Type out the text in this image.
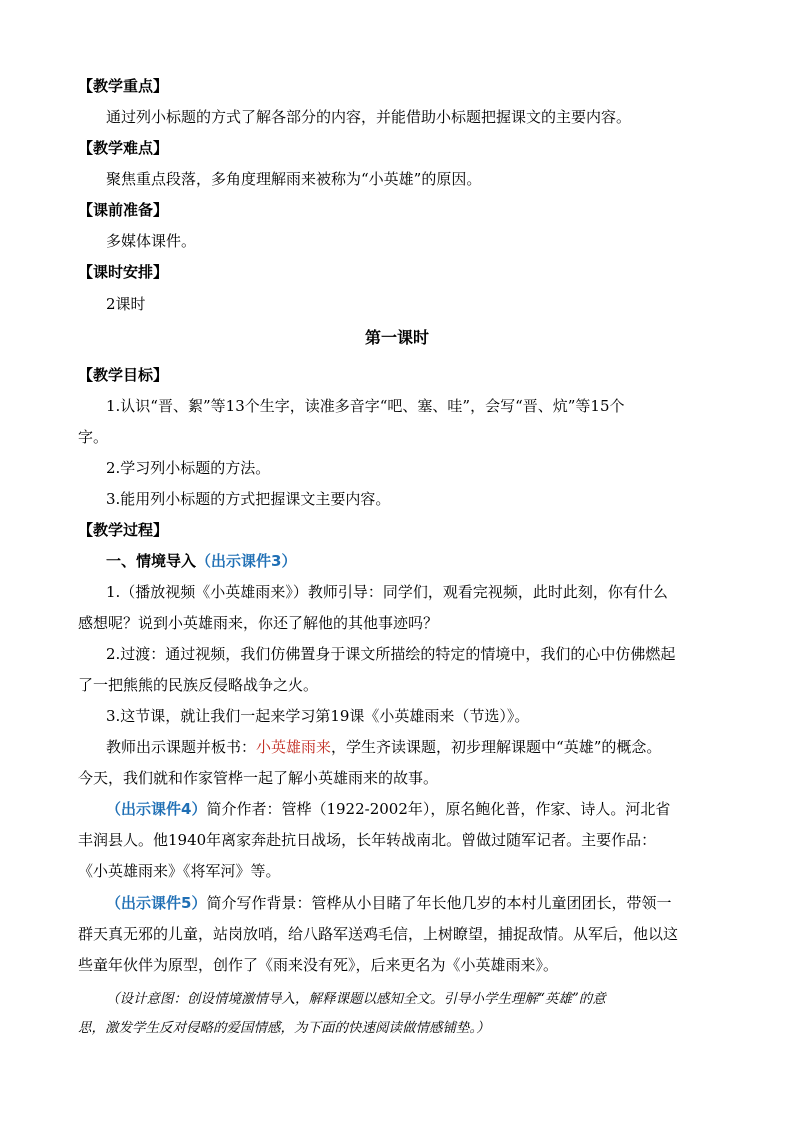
【教学重点】
通过列小标题的方式了解各部分的内容，并能借助小标题把握课文的主要内容。
【教学难点】
聚焦重点段落，多角度理解雨来被称为“小英雄”的原因。
【课前准备】
多媒体课件。
【课时安排】
2课时
第一课时
【教学目标】
1.认识“晋、絮”等13个生字，读准多音字“吧、塞、哇”，会写“晋、炕”等15个
字。
2.学习列小标题的方法。
3.能用列小标题的方式把握课文主要内容。
【教学过程】
一、情境导入（出示课件3）
1.（播放视频《小英雄雨来》）教师引导：同学们，观看完视频，此时此刻，你有什么
感想呢？说到小英雄雨来，你还了解他的其他事迹吗？
2.过渡：通过视频，我们仿佛置身于课文所描绘的特定的情境中，我们的心中仿佛燃起
了一把熊熊的民族反侵略战争之火。
3.这节课，就让我们一起来学习第19课《小英雄雨来（节选）》。
教师出示课题并板书：小英雄雨来，学生齐读课题，初步理解课题中“英雄”的概念。
今天，我们就和作家管桦一起了解小英雄雨来的故事。
（出示课件4）简介作者：管桦（1922-2002年），原名鲍化普，作家、诗人。河北省
丰润县人。他1940年离家奔赴抗日战场，长年转战南北。曾做过随军记者。主要作品：
《小英雄雨来》《将军河》等。
（出示课件5）简介写作背景：管桦从小目睹了年长他几岁的本村儿童团团长，带领一
群天真无邪的儿童，站岗放哨，给八路军送鸡毛信，上树瞭望，捕捉敌情。从军后，他以这
些童年伙伴为原型，创作了《雨来没有死》，后来更名为《小英雄雨来》。
（设计意图：创设情境激情导入，解释课题以感知全文。引导小学生理解“英雄”的意
思，激发学生反对侵略的爱国情感，为下面的快速阅读做情感铺垫。）
